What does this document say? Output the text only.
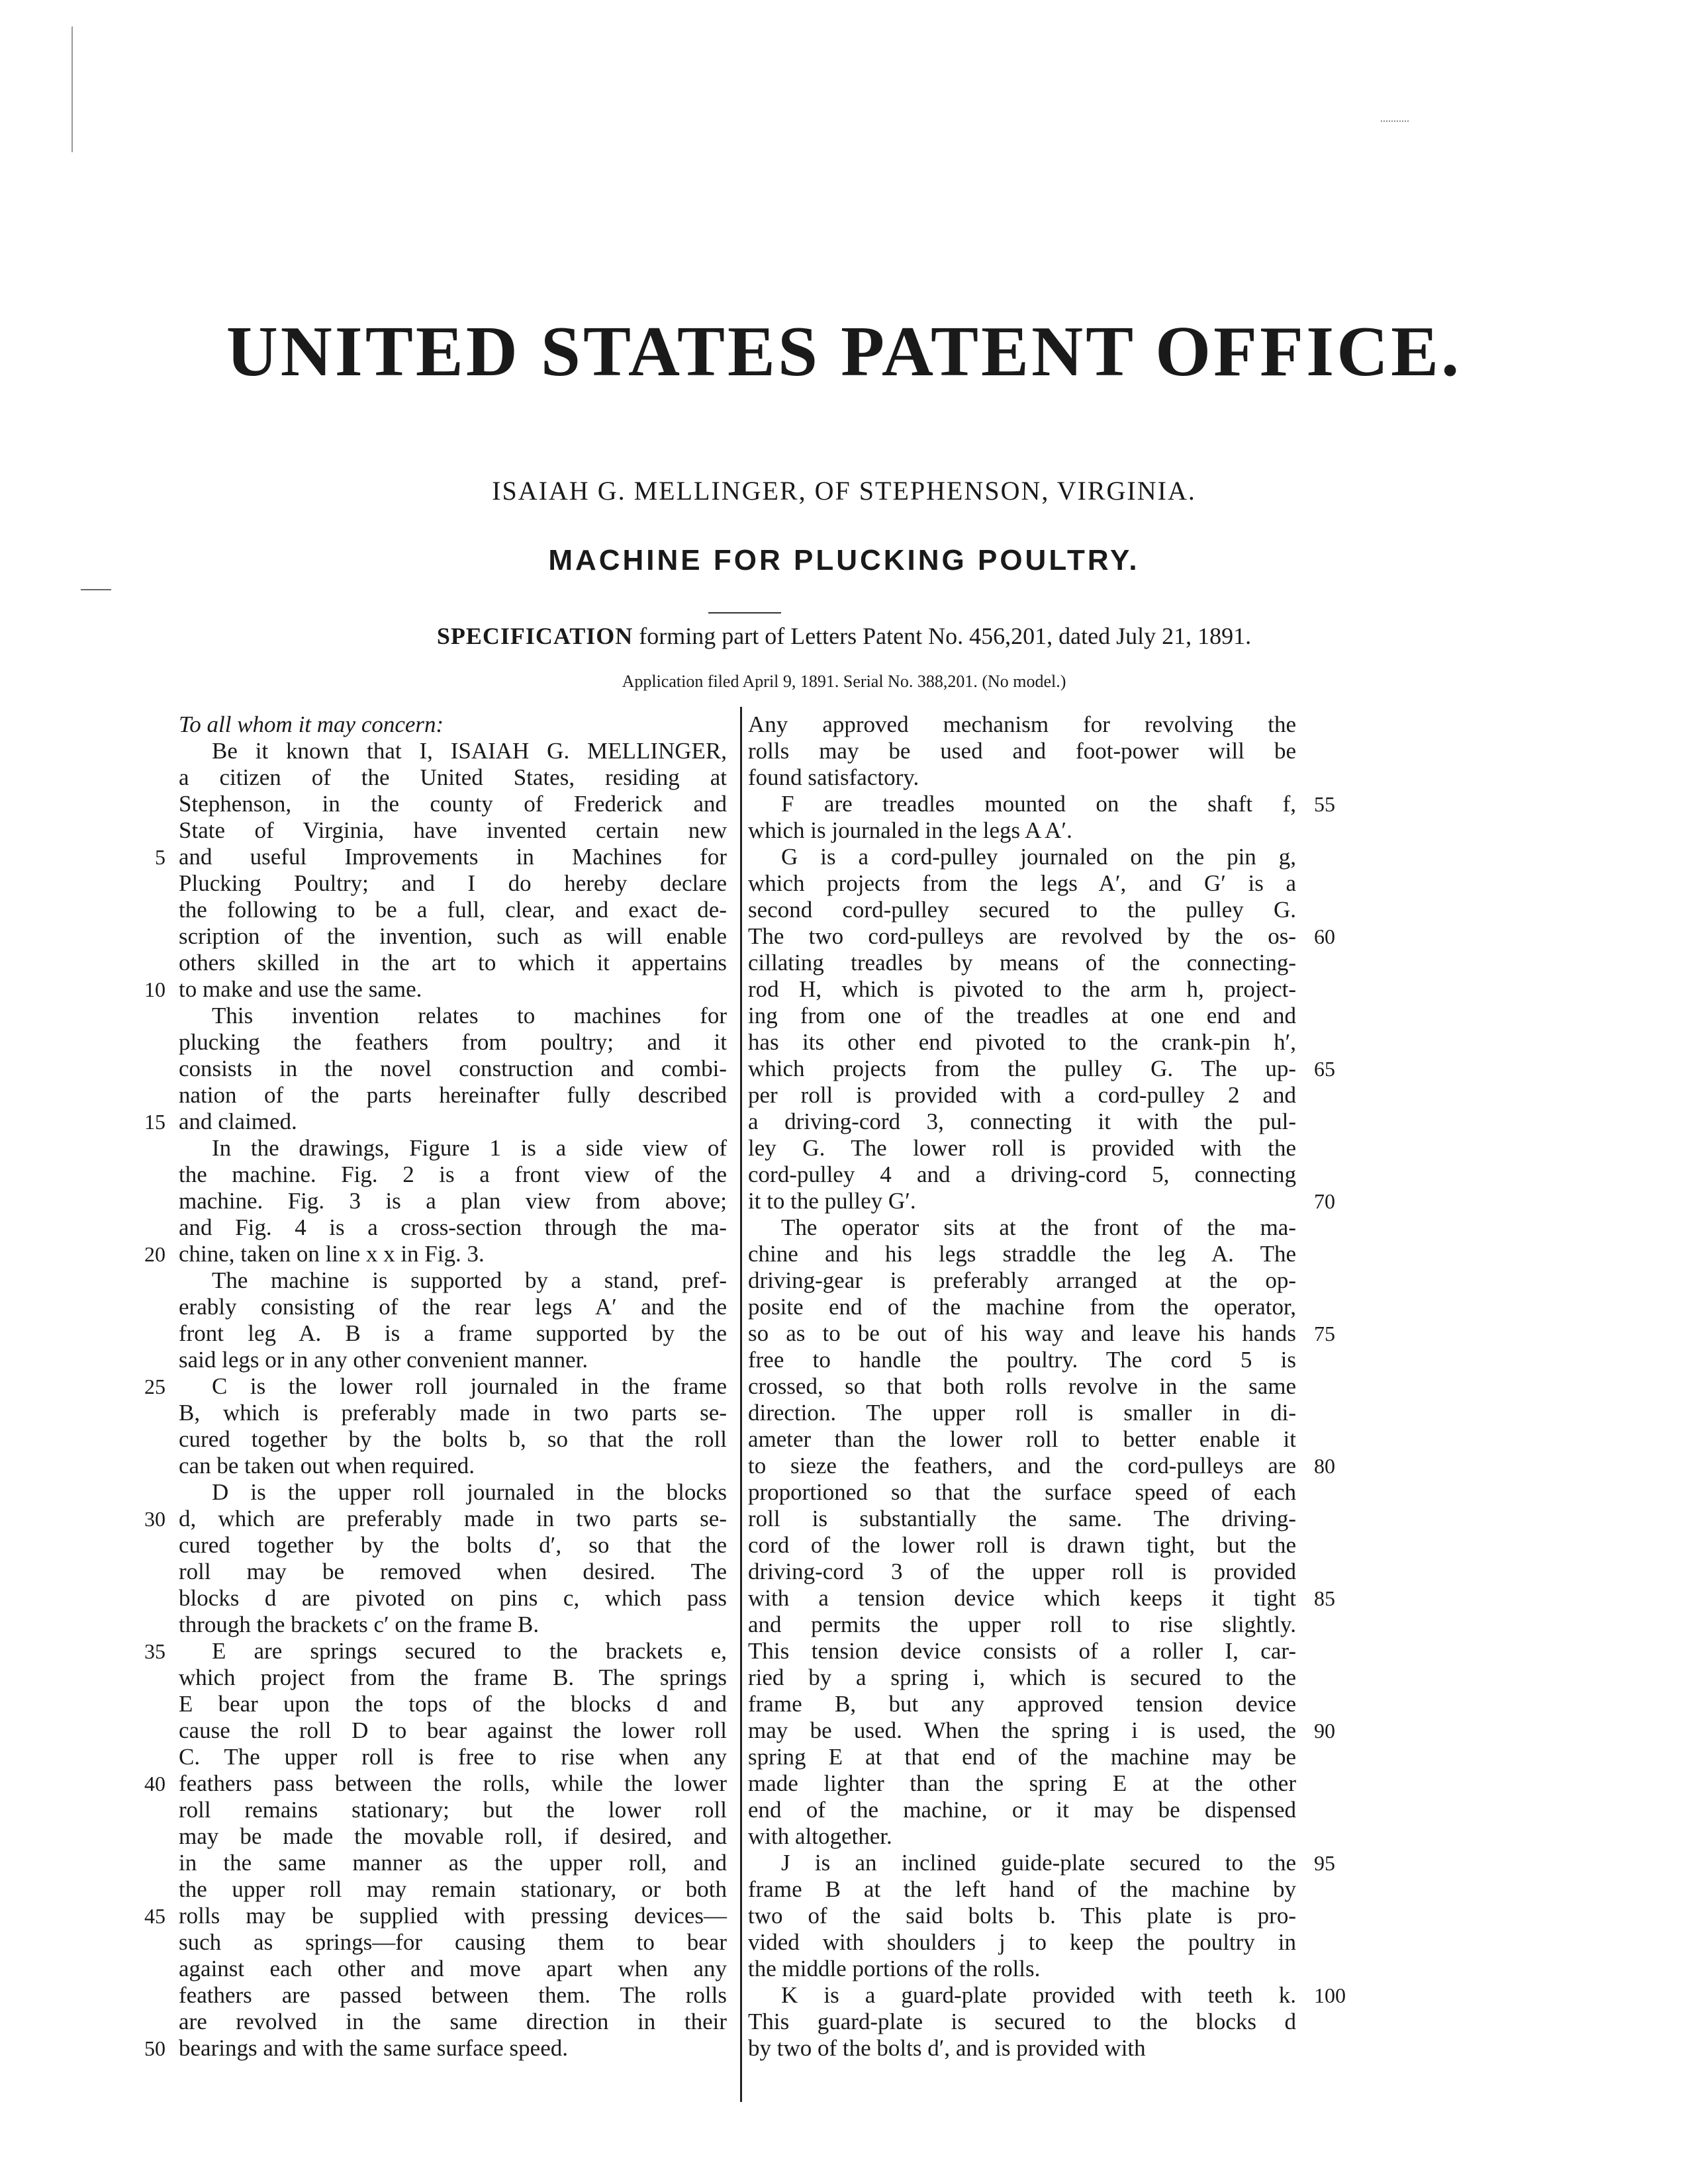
UNITED STATES PATENT OFFICE.
ISAIAH G. MELLINGER, OF STEPHENSON, VIRGINIA.
MACHINE FOR PLUCKING POULTRY.
SPECIFICATION forming part of Letters Patent No. 456,201, dated July 21, 1891.
Application filed April 9, 1891. Serial No. 388,201. (No model.)
To all whom it may concern:
Be it known that I, ISAIAH G. MELLINGER,
a citizen of the United States, residing at
Stephenson, in the county of Frederick and
State of Virginia, have invented certain new
and useful Improvements in Machines for
Plucking Poultry; and I do hereby declare
the following to be a full, clear, and exact de-
scription of the invention, such as will enable
others skilled in the art to which it appertains
to make and use the same.
This invention relates to machines for
plucking the feathers from poultry; and it
consists in the novel construction and combi-
nation of the parts hereinafter fully described
and claimed.
In the drawings, Figure 1 is a side view of
the machine. Fig. 2 is a front view of the
machine. Fig. 3 is a plan view from above;
and Fig. 4 is a cross-section through the ma-
chine, taken on line x x in Fig. 3.
The machine is supported by a stand, pref-
erably consisting of the rear legs A′ and the
front leg A. B is a frame supported by the
said legs or in any other convenient manner.
C is the lower roll journaled in the frame
B, which is preferably made in two parts se-
cured together by the bolts b, so that the roll
can be taken out when required.
D is the upper roll journaled in the blocks
d, which are preferably made in two parts se-
cured together by the bolts d′, so that the
roll may be removed when desired. The
blocks d are pivoted on pins c, which pass
through the brackets c′ on the frame B.
E are springs secured to the brackets e,
which project from the frame B. The springs
E bear upon the tops of the blocks d and
cause the roll D to bear against the lower roll
C. The upper roll is free to rise when any
feathers pass between the rolls, while the lower
roll remains stationary; but the lower roll
may be made the movable roll, if desired, and
in the same manner as the upper roll, and
the upper roll may remain stationary, or both
rolls may be supplied with pressing devices—
such as springs—for causing them to bear
against each other and move apart when any
feathers are passed between them. The rolls
are revolved in the same direction in their
bearings and with the same surface speed.
Any approved mechanism for revolving the
rolls may be used and foot-power will be
found satisfactory.
F are treadles mounted on the shaft f,
which is journaled in the legs A A′.
G is a cord-pulley journaled on the pin g,
which projects from the legs A′, and G′ is a
second cord-pulley secured to the pulley G.
The two cord-pulleys are revolved by the os-
cillating treadles by means of the connecting-
rod H, which is pivoted to the arm h, project-
ing from one of the treadles at one end and
has its other end pivoted to the crank-pin h′,
which projects from the pulley G. The up-
per roll is provided with a cord-pulley 2 and
a driving-cord 3, connecting it with the pul-
ley G. The lower roll is provided with the
cord-pulley 4 and a driving-cord 5, connecting
it to the pulley G′.
The operator sits at the front of the ma-
chine and his legs straddle the leg A. The
driving-gear is preferably arranged at the op-
posite end of the machine from the operator,
so as to be out of his way and leave his hands
free to handle the poultry. The cord 5 is
crossed, so that both rolls revolve in the same
direction. The upper roll is smaller in di-
ameter than the lower roll to better enable it
to sieze the feathers, and the cord-pulleys are
proportioned so that the surface speed of each
roll is substantially the same. The driving-
cord of the lower roll is drawn tight, but the
driving-cord 3 of the upper roll is provided
with a tension device which keeps it tight
and permits the upper roll to rise slightly.
This tension device consists of a roller I, car-
ried by a spring i, which is secured to the
frame B, but any approved tension device
may be used. When the spring i is used, the
spring E at that end of the machine may be
made lighter than the spring E at the other
end of the machine, or it may be dispensed
with altogether.
J is an inclined guide-plate secured to the
frame B at the left hand of the machine by
two of the said bolts b. This plate is pro-
vided with shoulders j to keep the poultry in
the middle portions of the rolls.
K is a guard-plate provided with teeth k.
This guard-plate is secured to the blocks d
by two of the bolts d′, and is provided with
5
10
15
20
25
30
35
40
45
50
55
60
65
70
75
80
85
90
95
100
